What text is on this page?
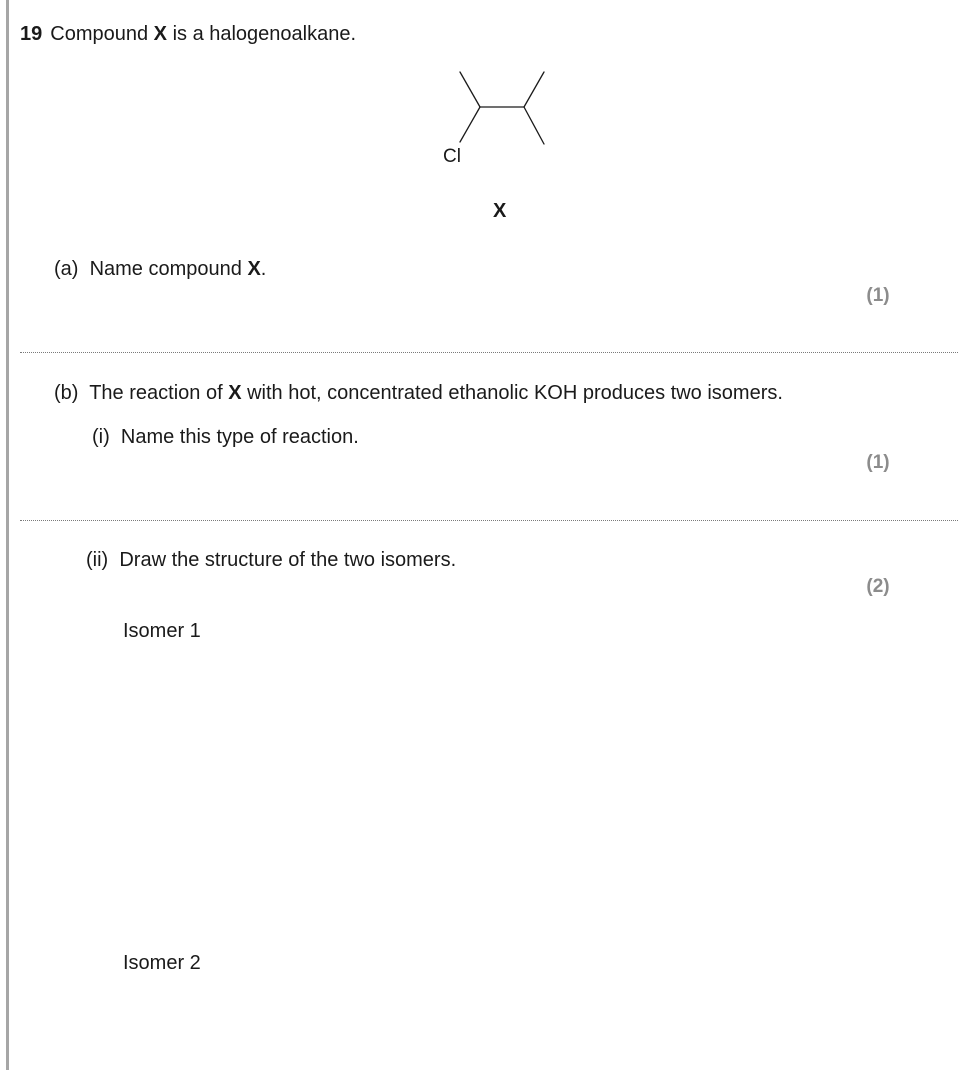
19 Compound X is a halogenoalkane.
Cl
X
(a) Name compound X.
(1)
(b) The reaction of X with hot, concentrated ethanolic KOH produces two isomers.
(i) Name this type of reaction.
(1)
(ii) Draw the structure of the two isomers.
(2)
Isomer 1
Isomer 2
